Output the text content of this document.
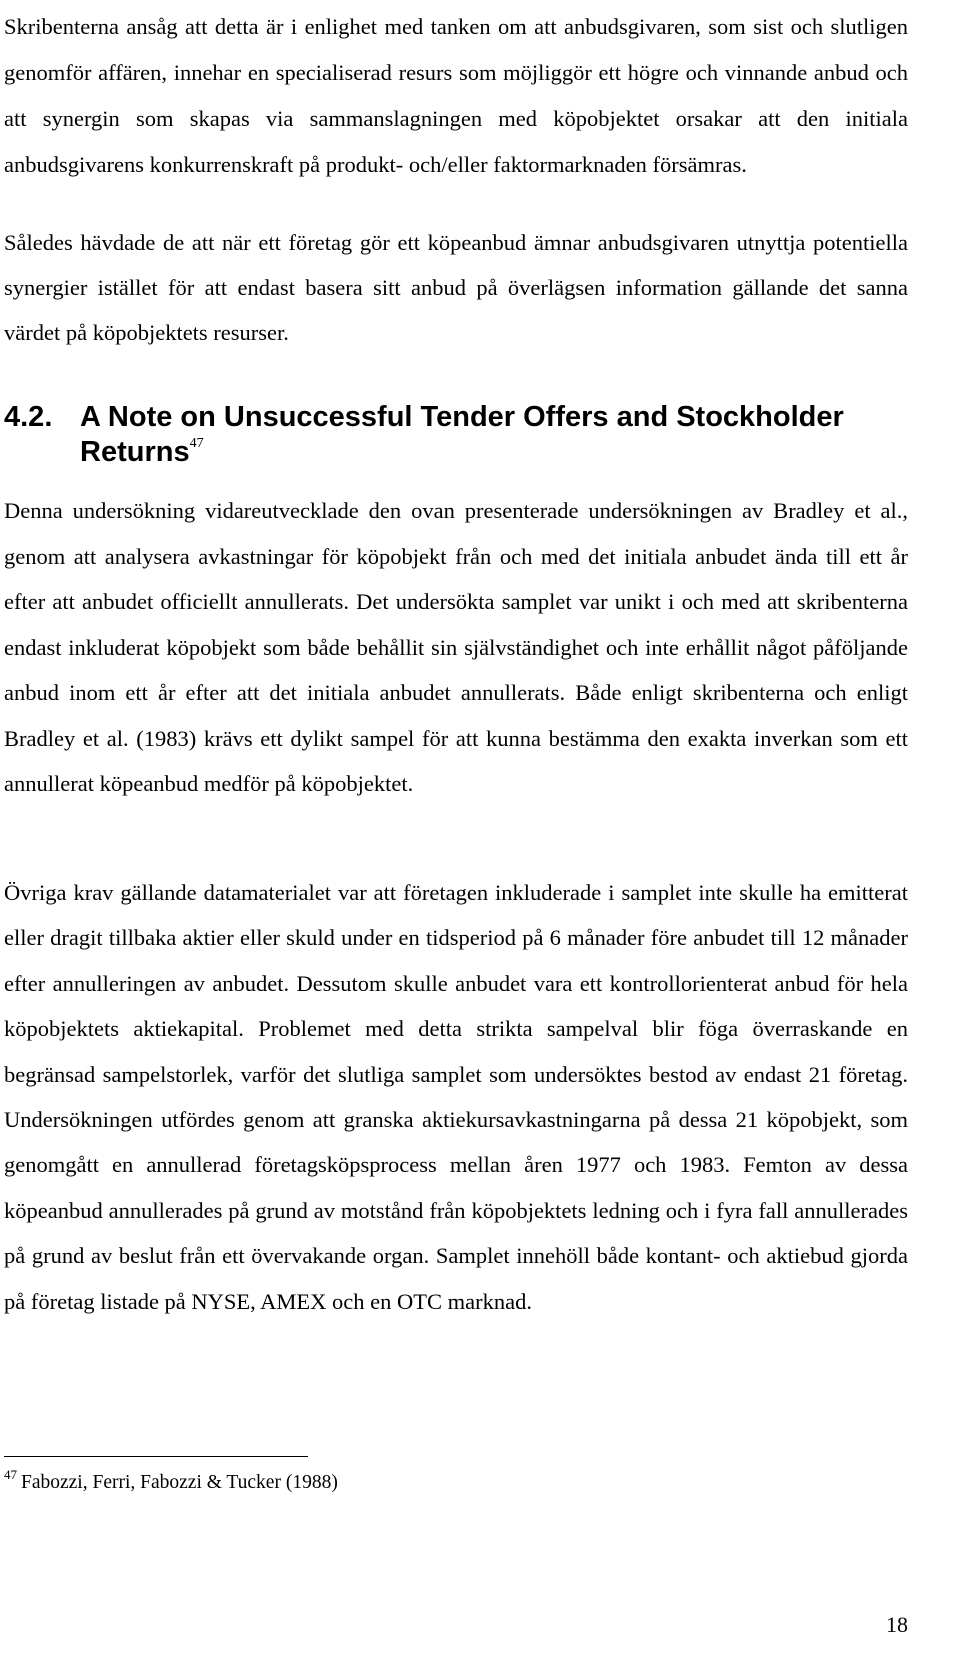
Skribenterna ansåg att detta är i enlighet med tanken om att anbudsgivaren, som sist och slutligen genomför affären, innehar en specialiserad resurs som möjliggör ett högre och vinnande anbud och att synergin som skapas via sammanslagningen med köpobjektet orsakar att den initiala anbudsgivarens konkurrenskraft på produkt- och/eller faktormarknaden försämras.

Således hävdade de att när ett företag gör ett köpeanbud ämnar anbudsgivaren utnyttja potentiella synergier istället för att endast basera sitt anbud på överlägsen information gällande det sanna värdet på köpobjektets resurser.

4.2. A Note on Unsuccessful Tender Offers and Stockholder Returns$^{47}$

Denna undersökning vidareutvecklade den ovan presenterade undersökningen av Bradley et al., genom att analysera avkastningar för köpobjekt från och med det initiala anbudet ända till ett år efter att anbudet officiellt annullerats. Det undersökta samplet var unikt i och med att skribenterna endast inkluderat köpobjekt som både behållit sin självständighet och inte erhållit något påföljande anbud inom ett år efter att det initiala anbudet annullerats. Både enligt skribenterna och enligt Bradley et al. (1983) krävs ett dylikt sampel för att kunna bestämma den exakta inverkan som ett annullerat köpeanbud medför på köpobjektet.

Övriga krav gällande datamaterialet var att företagen inkluderade i samplet inte skulle ha emitterat eller dragit tillbaka aktier eller skuld under en tidsperiod på 6 månader före anbudet till 12 månader efter annulleringen av anbudet. Dessutom skulle anbudet vara ett kontrollorienterat anbud för hela köpobjektets aktiekapital. Problemet med detta strikta sampelval blir föga överraskande en begränsad sampelstorlek, varför det slutliga samplet som undersöktes bestod av endast 21 företag. Undersökningen utfördes genom att granska aktiekursavkastningarna på dessa 21 köpobjekt, som genomgått en annullerad företagsköpsprocess mellan åren 1977 och 1983. Femton av dessa köpeanbud annullerades på grund av motstånd från köpobjektets ledning och i fyra fall annullerades på grund av beslut från ett övervakande organ. Samplet innehöll både kontant- och aktiebud gjorda på företag listade på NYSE, AMEX och en OTC marknad.

$^{47}$ Fabozzi, Ferri, Fabozzi & Tucker (1988)

18
